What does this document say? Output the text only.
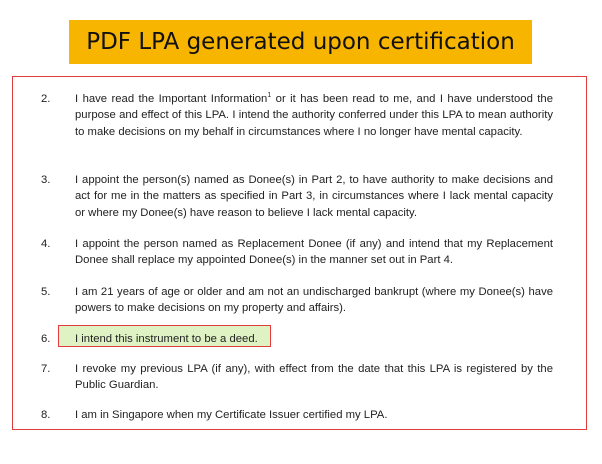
PDF LPA generated upon certification
2.	I have read the Important Information$^1$ or it has been read to me, and I have understood the purpose and effect of this LPA. I intend the authority conferred under this LPA to mean authority to make decisions on my behalf in circumstances where I no longer have mental capacity.
3.	I appoint the person(s) named as Donee(s) in Part 2, to have authority to make decisions and act for me in the matters as specified in Part 3, in circumstances where I lack mental capacity or where my Donee(s) have reason to believe I lack mental capacity.
4.	I appoint the person named as Replacement Donee (if any) and intend that my Replacement Donee shall replace my appointed Donee(s) in the manner set out in Part 4.
5.	I am 21 years of age or older and am not an undischarged bankrupt (where my Donee(s) have powers to make decisions on my property and affairs).
6.	I intend this instrument to be a deed.
7.	I revoke my previous LPA (if any), with effect from the date that this LPA is registered by the Public Guardian.
8.	I am in Singapore when my Certificate Issuer certified my LPA.
